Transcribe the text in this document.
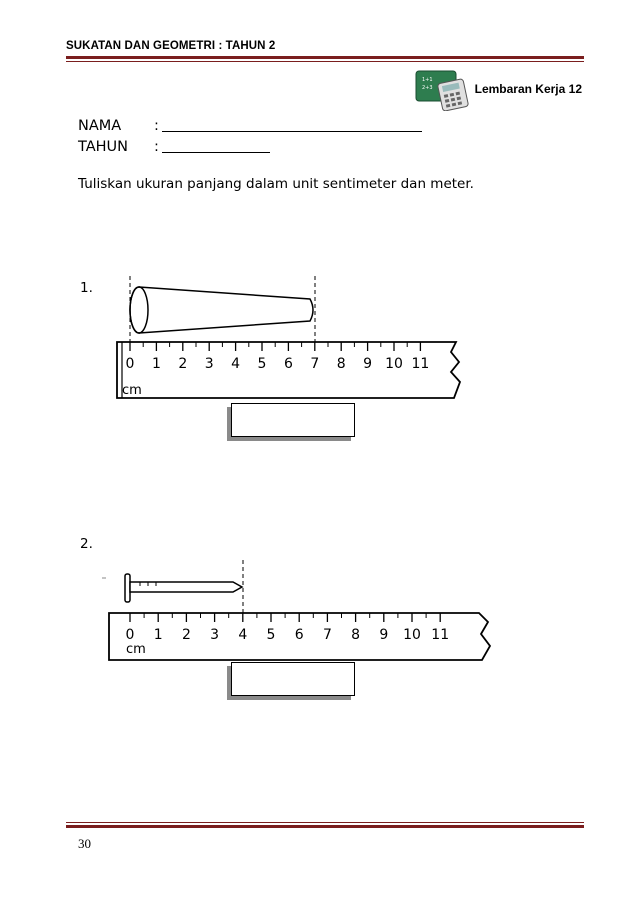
SUKATAN DAN GEOMETRI : TAHUN 2
1+1
2+3	Lembaran Kerja 12
NAMA :
TAHUN :
Tuliskan ukuran panjang dalam unit sentimeter dan meter.
1.
0 1 2 3 4 5 6 7 8 9 10 11
cm
2.
0 1 2 3 4 5 6 7 8 9 10 11
cm
30
